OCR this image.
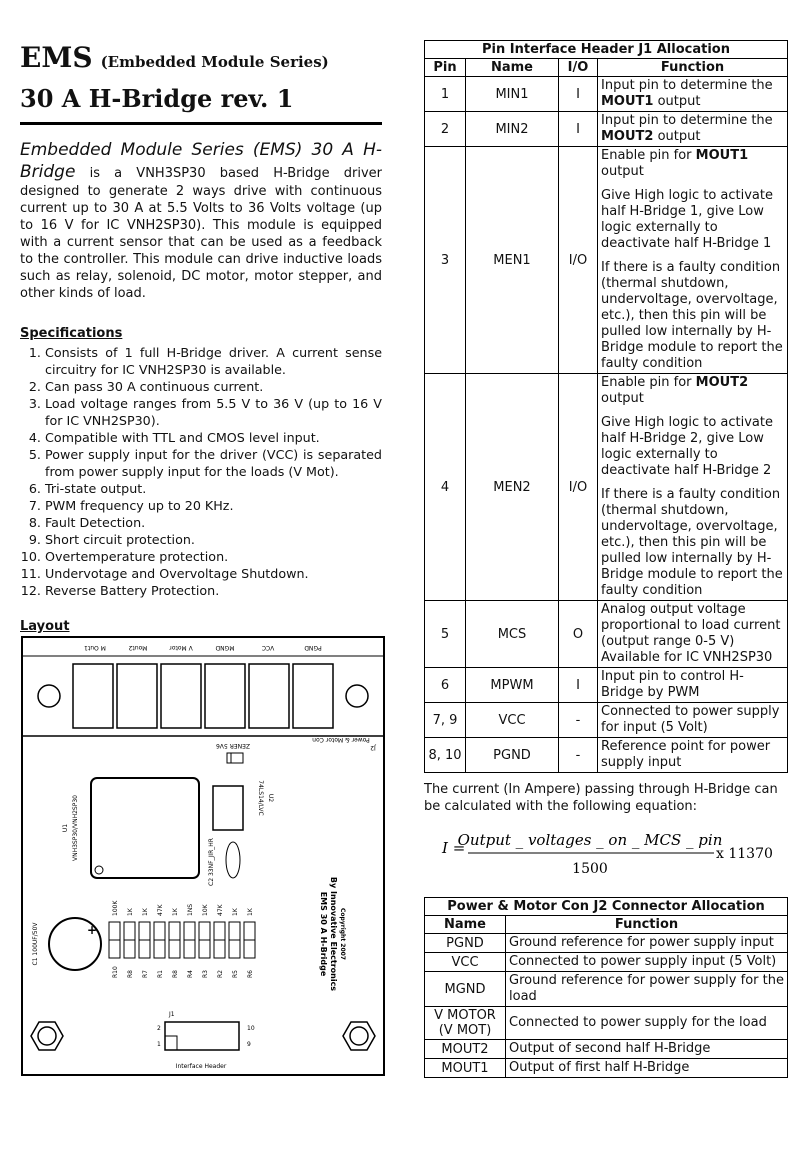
EMS (Embedded Module Series)
30 A H-Bridge rev. 1
Embedded Module Series (EMS) 30 A H-Bridge is a VNH3SP30 based H-Bridge driver designed to generate 2 ways drive with continuous current up to 30 A at 5.5 Volts to 36 Volts voltage (up to 16 V for IC VNH2SP30). This module is equipped with a current sensor that can be used as a feedback to the controller. This module can drive inductive loads such as relay, solenoid, DC motor, motor stepper, and other kinds of load.
Specifications
1. Consists of 1 full H-Bridge driver. A current sense circuitry for IC VNH2SP30 is available.
2. Can pass 30 A continuous current.
3. Load voltage ranges from 5.5 V to 36 V (up to 16 V for IC VNH2SP30).
4. Compatible with TTL and CMOS level input.
5. Power supply input for the driver (VCC) is separated from power supply input for the loads (V Mot).
6. Tri-state output.
7. PWM frequency up to 20 KHz.
8. Fault Detection.
9. Short circuit protection.
10. Overtemperature protection.
11. Undervotage and Overvoltage Shutdown.
12. Reverse Battery Protection.
Layout
PGND
VCC
MGND
V Motor
Mout2
M Out1
Power & Motor Con
J2
ZENER 5V6
U1 VNH3SP30/VNH2SP30	74LS14/LVC U2
C2 33NF_JIR_HR
+
C1 100UF/50V
100K
R10
1K
R8
1K
R7
47K
R1
1K
R8
1NS
R4
10K
R3
47K
R2
1K
R5
1K
R6	EMS 30 A H-Bridge By Innovative Electronics Copyright 2007
J1
2
1
10
9
Interface Header
Pin Interface Header J1 Allocation			
Pin	Name	I/O	Function
1	MIN1	I	Input pin to determine the MOUT1 output
2	MIN2	I	Input pin to determine the MOUT2 output
3	MEN1	I/O	Enable pin for MOUT1 output

Give High logic to activate half H-Bridge 1, give Low logic externally to deactivate half H-Bridge 1

If there is a faulty condition (thermal shutdown, undervoltage, overvoltage, etc.), then this pin will be pulled low internally by H-Bridge module to report the faulty condition

4	MEN2	I/O	Enable pin for MOUT2 output

Give High logic to activate half H-Bridge 2, give Low logic externally to deactivate half H-Bridge 2

If there is a faulty condition (thermal shutdown, undervoltage, overvoltage, etc.), then this pin will be pulled low internally by H-Bridge module to report the faulty condition

5	MCS	O	Analog output voltage proportional to load current (output range 0-5 V) Available for IC VNH2SP30
6	MPWM	I	Input pin to control H-Bridge by PWM
7, 9	VCC	-	Connected to power supply for input (5 Volt)
8, 10	PGND	-	Reference point for power supply input
The current (In Ampere) passing through H-Bridge can be calculated with the following equation:
I =
Output _ voltages _ on _ MCS _ pin
1500
x 11370
Power & Motor Con J2 Connector Allocation	
Name	Function
PGND	Ground reference for power supply input
VCC	Connected to power supply input (5 Volt)
MGND	Ground reference for power supply for the load
V MOTOR (V MOT)	Connected to power supply for the load
MOUT2	Output of second half H-Bridge
MOUT1	Output of first half H-Bridge
